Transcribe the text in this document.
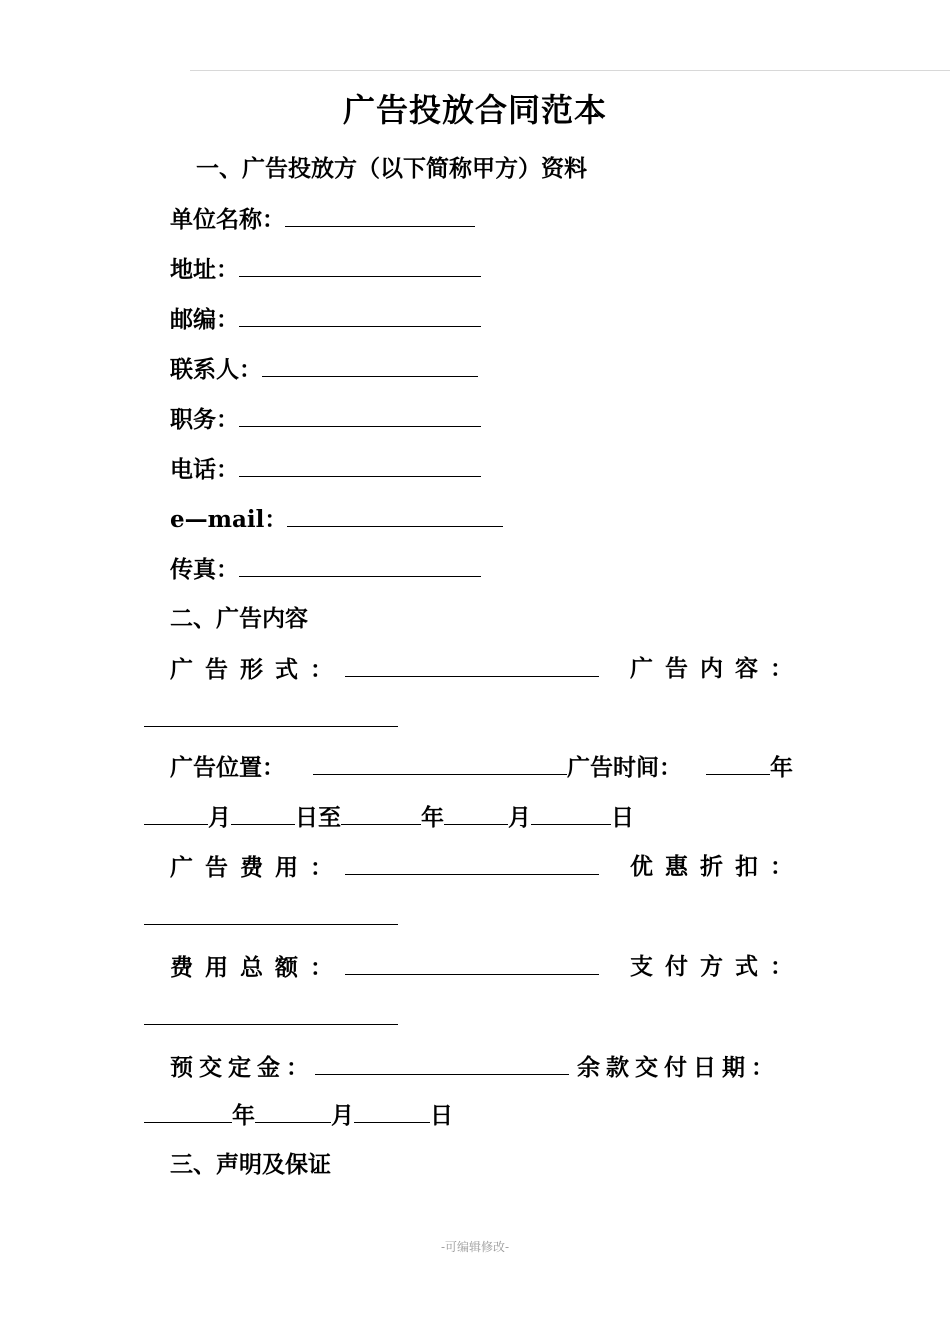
广告投放合同范本
一、广告投放方（以下简称甲方）资料
单位名称：
地址：
邮编：
联系人：
职务：
电话：
e—mail：
传真：
二、广告内容
广告形式：	广告内容：
广告位置：	广告时间：	年
月	日至	年	月	日
广告费用：	优惠折扣：
费用总额：	支付方式：
预交定金：	余款交付日期：
年	月	日
三、声明及保证
-可编辑修改-
